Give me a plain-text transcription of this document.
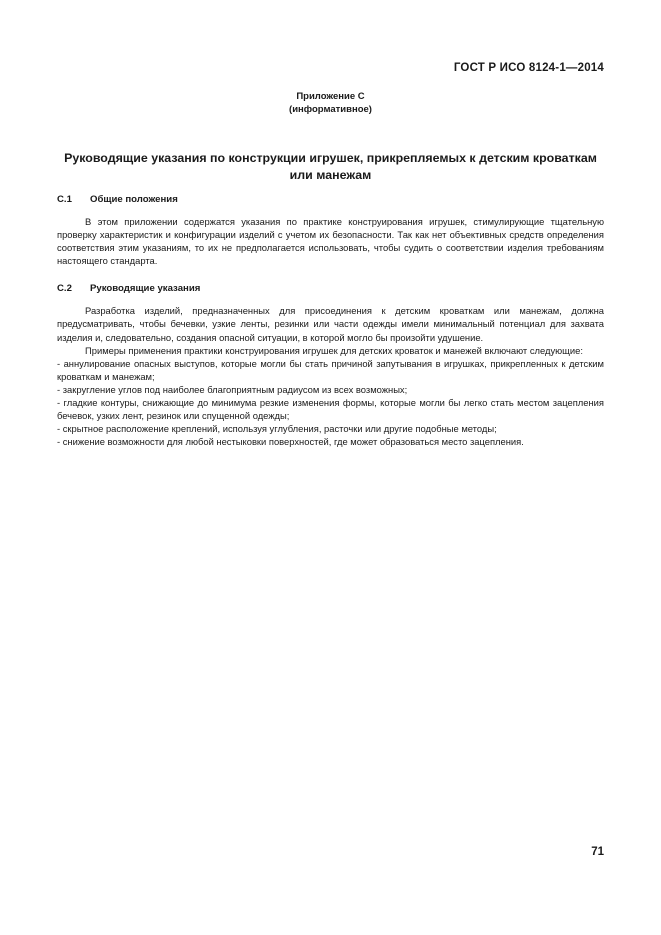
ГОСТ Р ИСО 8124-1—2014
Приложение С
(информативное)
Руководящие указания по конструкции игрушек, прикрепляемых к детским кроваткам или манежам
C.1 Общие положения

В этом приложении содержатся указания по практике конструирования игрушек, стимулирующие тщательную проверку характеристик и конфигурации изделий с учетом их безопасности. Так как нет объективных средств определения соответствия этим указаниям, то их не предполагается использовать, чтобы судить о соответствии изделия требованиям настоящего стандарта.

C.2 Руководящие указания

Разработка изделий, предназначенных для присоединения к детским кроваткам или манежам, должна предусматривать, чтобы бечевки, узкие ленты, резинки или части одежды имели минимальный потенциал для захвата изделия и, следовательно, создания опасной ситуации, в которой могло бы произойти удушение.

Примеры применения практики конструирования игрушек для детских кроваток и манежей включают следующие:

- аннулирование опасных выступов, которые могли бы стать причиной запутывания в игрушках, прикрепленных к детским кроваткам и манежам;
- закругление углов под наиболее благоприятным радиусом из всех возможных;
- гладкие контуры, снижающие до минимума резкие изменения формы, которые могли бы легко стать местом зацепления бечевок, узких лент, резинок или спущенной одежды;
- скрытное расположение креплений, используя углубления, расточки или другие подобные методы;
- снижение возможности для любой нестыковки поверхностей, где может образоваться место зацепления.
71
